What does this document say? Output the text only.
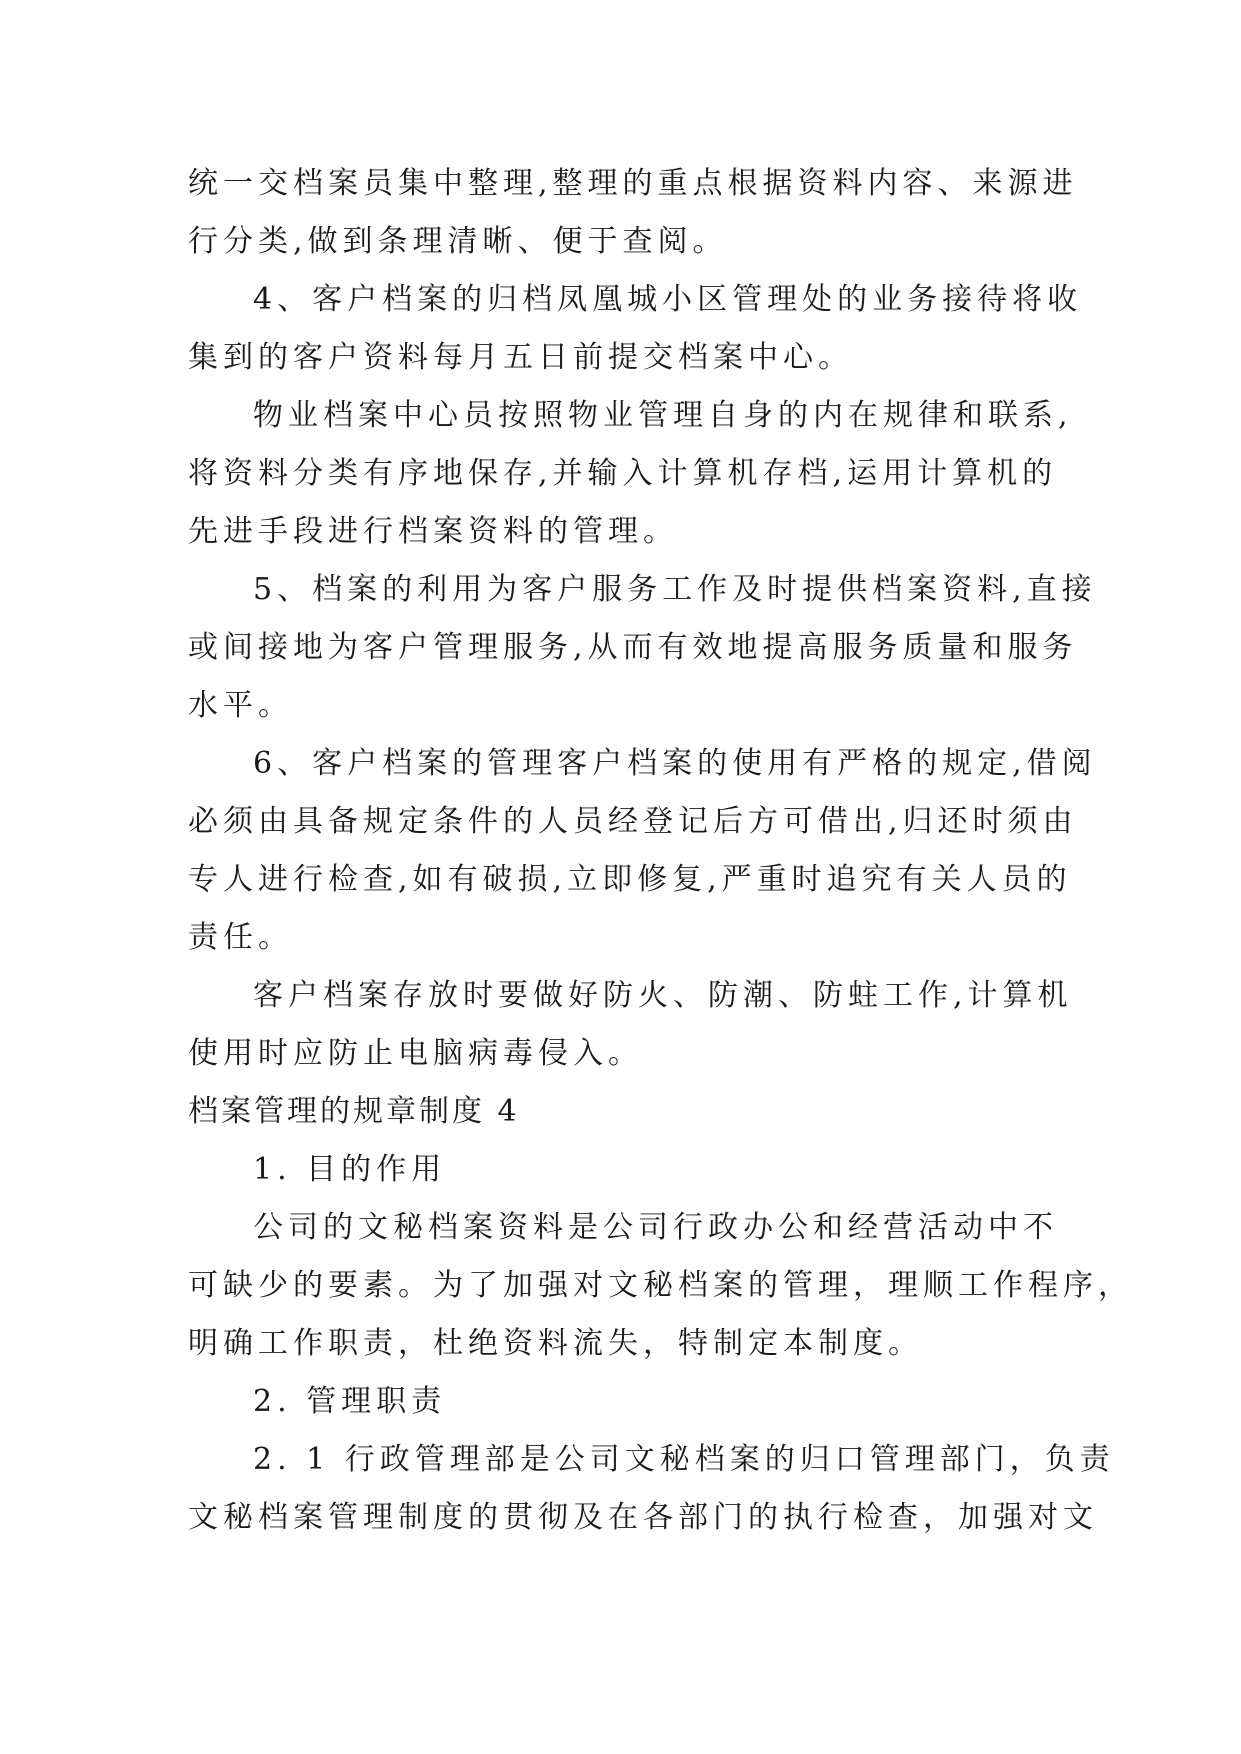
统一交档案员集中整理,整理的重点根据资料内容、来源进
行分类,做到条理清晰、便于查阅。
4、客户档案的归档凤凰城小区管理处的业务接待将收
集到的客户资料每月五日前提交档案中心。
物业档案中心员按照物业管理自身的内在规律和联系,
将资料分类有序地保存,并输入计算机存档,运用计算机的
先进手段进行档案资料的管理。
5、档案的利用为客户服务工作及时提供档案资料,直接
或间接地为客户管理服务,从而有效地提高服务质量和服务
水平。
6、客户档案的管理客户档案的使用有严格的规定,借阅
必须由具备规定条件的人员经登记后方可借出,归还时须由
专人进行检查,如有破损,立即修复,严重时追究有关人员的
责任。
客户档案存放时要做好防火、防潮、防蛀工作,计算机
使用时应防止电脑病毒侵入。
档案管理的规章制度 4
1. 目的作用
公司的文秘档案资料是公司行政办公和经营活动中不
可缺少的要素。为了加强对文秘档案的管理，理顺工作程序，
明确工作职责，杜绝资料流失，特制定本制度。
2. 管理职责
2. 1 行政管理部是公司文秘档案的归口管理部门，负责
文秘档案管理制度的贯彻及在各部门的执行检查，加强对文
